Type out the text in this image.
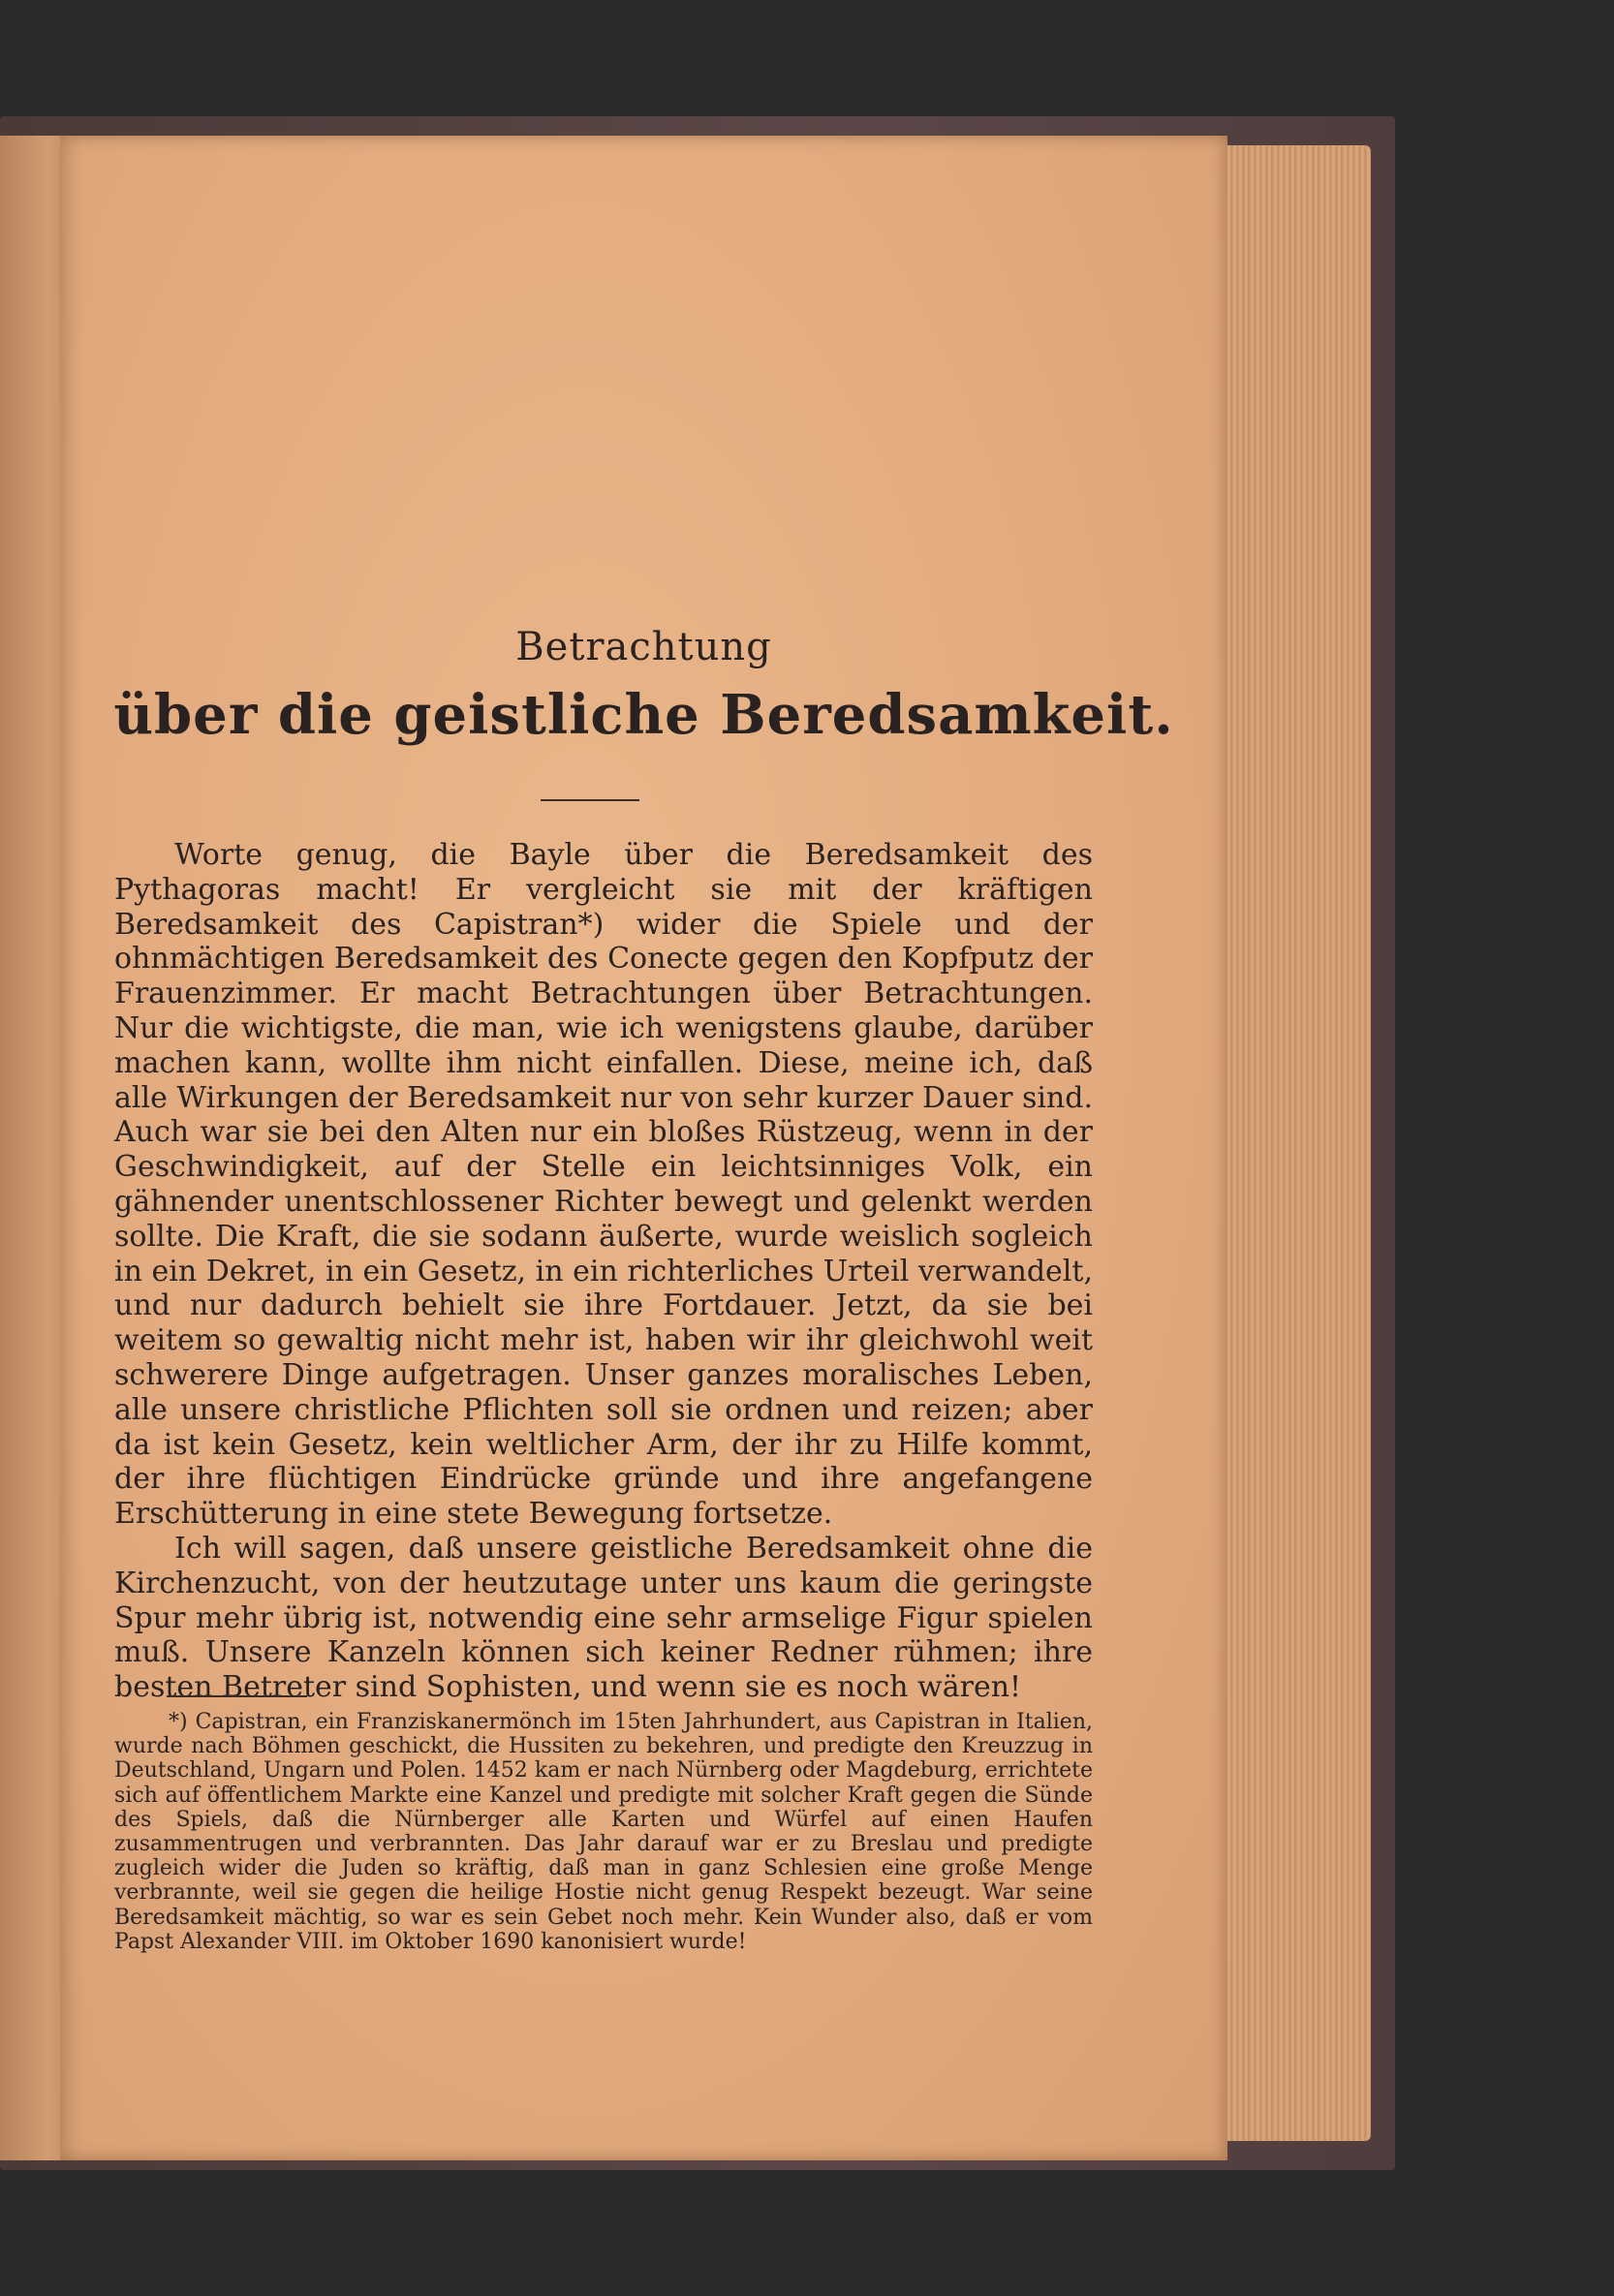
Betrachtung
über die geistliche Beredsamkeit.

Worte genug, die Bayle über die Beredsamkeit des Pythagoras macht! Er vergleicht sie mit der kräftigen Beredsamkeit des Capistran*) wider die Spiele und der ohnmächtigen Beredsamkeit des Conecte gegen den Kopfputz der Frauenzimmer. Er macht Betrachtungen über Betrachtungen. Nur die wichtigste, die man, wie ich wenigstens glaube, darüber machen kann, wollte ihm nicht einfallen. Diese, meine ich, daß alle Wirkungen der Beredsamkeit nur von sehr kurzer Dauer sind. Auch war sie bei den Alten nur ein bloßes Rüstzeug, wenn in der Geschwindigkeit, auf der Stelle ein leichtsinniges Volk, ein gähnender unentschlossener Richter bewegt und gelenkt werden sollte. Die Kraft, die sie sodann äußerte, wurde weislich sogleich in ein Dekret, in ein Gesetz, in ein richterliches Urteil verwandelt, und nur dadurch behielt sie ihre Fortdauer. Jetzt, da sie bei weitem so gewaltig nicht mehr ist, haben wir ihr gleichwohl weit schwerere Dinge aufgetragen. Unser ganzes moralisches Leben, alle unsere christliche Pflichten soll sie ordnen und reizen; aber da ist kein Gesetz, kein weltlicher Arm, der ihr zu Hilfe kommt, der ihre flüchtigen Eindrücke gründe und ihre angefangene Erschütterung in eine stete Bewegung fortsetze.

Ich will sagen, daß unsere geistliche Beredsamkeit ohne die Kirchenzucht, von der heutzutage unter uns kaum die geringste Spur mehr übrig ist, notwendig eine sehr armselige Figur spielen muß. Unsere Kanzeln können sich keiner Redner rühmen; ihre besten Betreter sind Sophisten, und wenn sie es noch wären!

*) Capistran, ein Franziskanermönch im 15ten Jahrhundert, aus Capistran in Italien, wurde nach Böhmen geschickt, die Hussiten zu bekehren, und predigte den Kreuzzug in Deutschland, Ungarn und Polen. 1452 kam er nach Nürnberg oder Magdeburg, errichtete sich auf öffentlichem Markte eine Kanzel und predigte mit solcher Kraft gegen die Sünde des Spiels, daß die Nürnberger alle Karten und Würfel auf einen Haufen zusammentrugen und verbrannten. Das Jahr darauf war er zu Breslau und predigte zugleich wider die Juden so kräftig, daß man in ganz Schlesien eine große Menge verbrannte, weil sie gegen die heilige Hostie nicht genug Respekt bezeugt. War seine Beredsamkeit mächtig, so war es sein Gebet noch mehr. Kein Wunder also, daß er vom Papst Alexander VIII. im Oktober 1690 kanonisiert wurde!
